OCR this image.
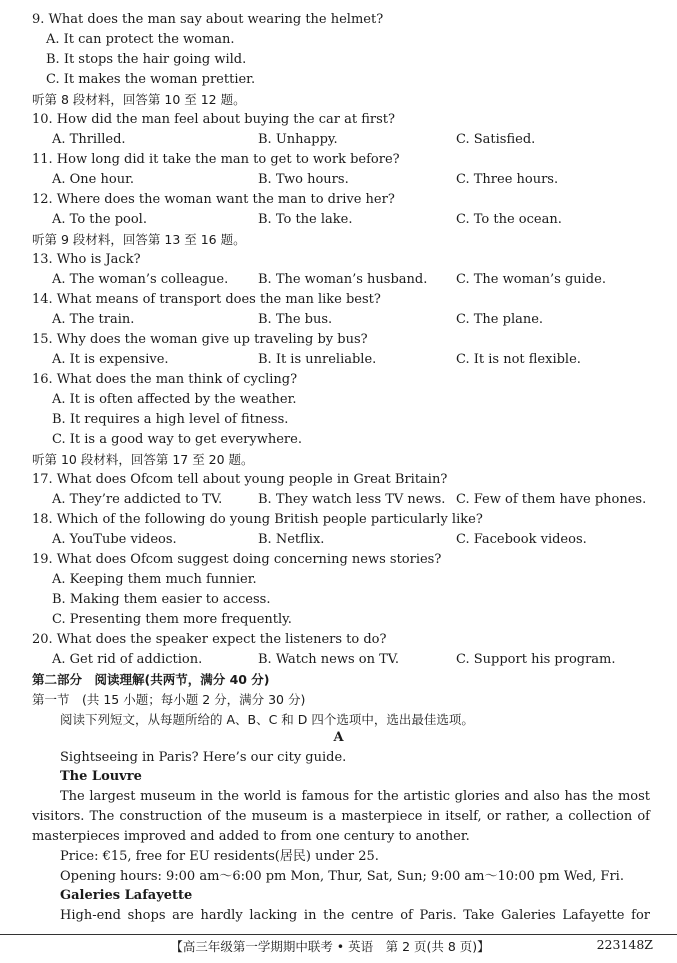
9. What does the man say about wearing the helmet?
A. It can protect the woman.
B. It stops the hair going wild.
C. It makes the woman prettier.
听第 8 段材料，回答第 10 至 12 题。
10. How did the man feel about buying the car at first?
A. Thrilled.	B. Unhappy.	C. Satisfied.
11. How long did it take the man to get to work before?
A. One hour.	B. Two hours.	C. Three hours.
12. Where does the woman want the man to drive her?
A. To the pool.	B. To the lake.	C. To the ocean.
听第 9 段材料，回答第 13 至 16 题。
13. Who is Jack?
A. The woman’s colleague. B. The woman’s husband. C. The woman’s guide.
14. What means of transport does the man like best?
A. The train.	B. The bus.	C. The plane.
15. Why does the woman give up traveling by bus?
A. It is expensive.	B. It is unreliable.	C. It is not flexible.
16. What does the man think of cycling?
A. It is often affected by the weather.
B. It requires a high level of fitness.
C. It is a good way to get everywhere.
听第 10 段材料，回答第 17 至 20 题。
17. What does Ofcom tell about young people in Great Britain?
A. They’re addicted to TV.	B. They watch less TV news. C. Few of them have phones.
18. Which of the following do young British people particularly like?
A. YouTube videos.	B. Netflix.	C. Facebook videos.
19. What does Ofcom suggest doing concerning news stories?
A. Keeping them much funnier.
B. Making them easier to access.
C. Presenting them more frequently.
20. What does the speaker expect the listeners to do?
A. Get rid of addiction.	B. Watch news on TV.	C. Support his program.
第二部分　阅读理解(共两节，满分 40 分)
第一节　(共 15 小题；每小题 2 分，满分 30 分)
阅读下列短文，从每题所给的 A、B、C 和 D 四个选项中，选出最佳选项。
A
Sightseeing in Paris? Here’s our city guide.
The Louvre
The largest museum in the world is famous for the artistic glories and also has the most
visitors. The construction of the museum is a masterpiece in itself, or rather, a collection of
masterpieces improved and added to from one century to another.
Price: €15, free for EU residents(居民) under 25.
Opening hours: 9:00 am～6:00 pm Mon, Thur, Sat, Sun; 9:00 am～10:00 pm Wed, Fri.
Galeries Lafayette
High-end shops are hardly lacking in the centre of Paris. Take Galeries Lafayette for
【高三年级第一学期期中联考 • 英语　第 2 页(共 8 页)】	223148Z
